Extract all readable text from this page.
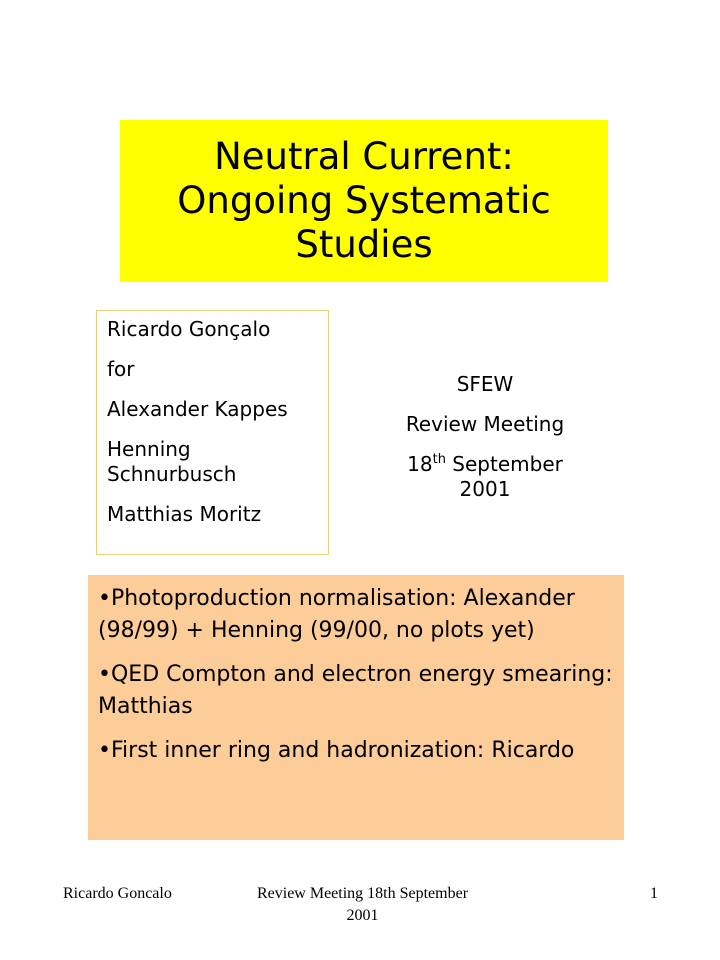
Neutral Current:
Ongoing Systematic
Studies

Ricardo Gonçalo

for

Alexander Kappes

Henning Schnurbusch

Matthias Moritz

SFEW

Review Meeting

18th September

2001

•Photoproduction normalisation: Alexander (98/99) + Henning (99/00, no plots yet)

•QED Compton and electron energy smearing: Matthias

•First inner ring and hadronization: Ricardo

Ricardo Goncalo	Review Meeting 18th September 2001
1
